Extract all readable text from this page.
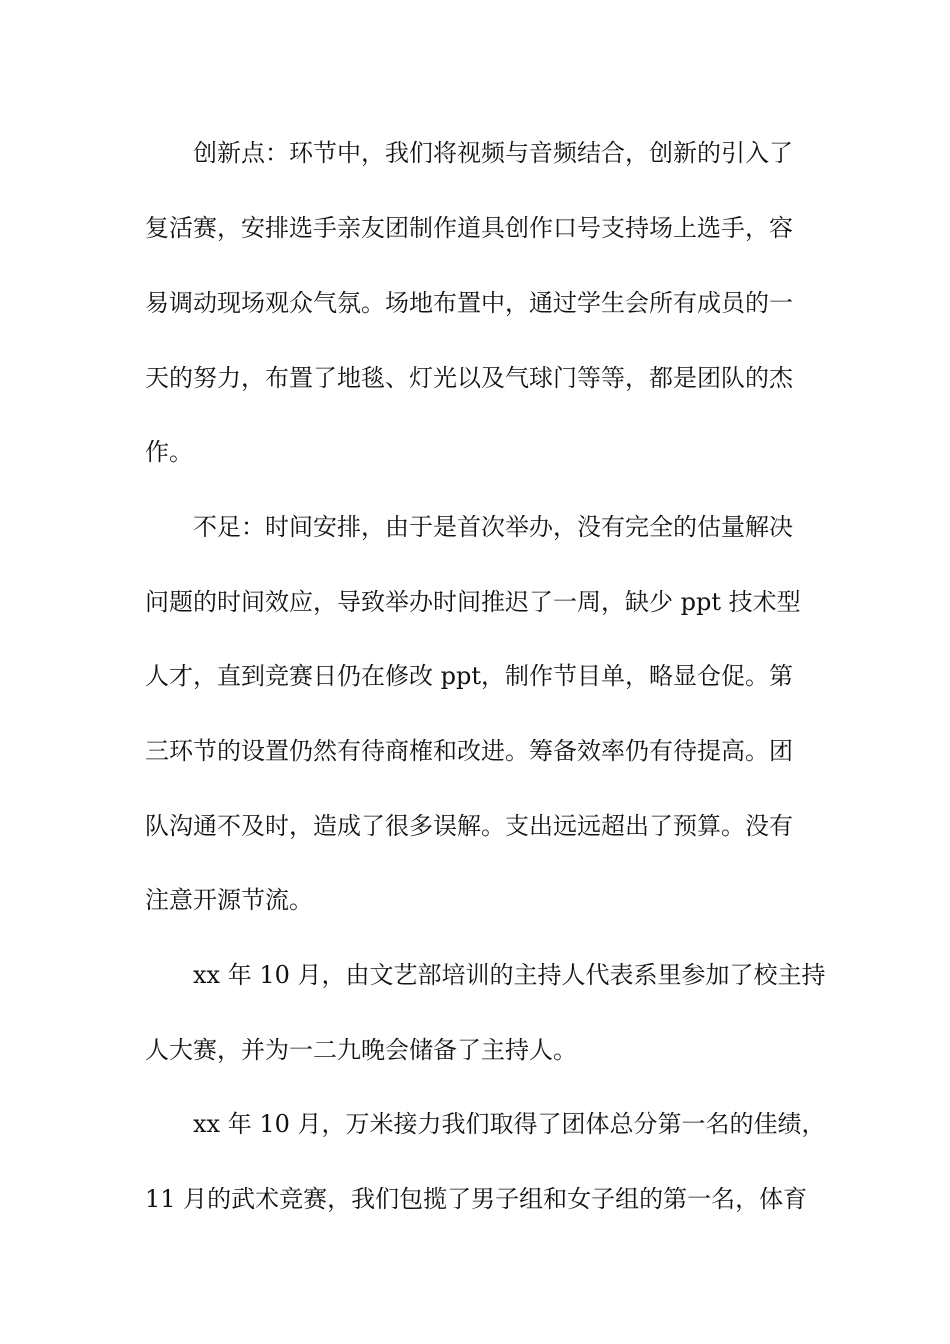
创新点：环节中，我们将视频与音频结合，创新的引入了
复活赛，安排选手亲友团制作道具创作口号支持场上选手，容
易调动现场观众气氛。场地布置中，通过学生会所有成员的一
天的努力，布置了地毯、灯光以及气球门等等，都是团队的杰
作。
不足：时间安排，由于是首次举办，没有完全的估量解决
问题的时间效应，导致举办时间推迟了一周，缺少 ppt 技术型
人才，直到竞赛日仍在修改 ppt，制作节目单，略显仓促。第
三环节的设置仍然有待商榷和改进。筹备效率仍有待提高。团
队沟通不及时，造成了很多误解。支出远远超出了预算。没有
注意开源节流。
xx 年 10 月，由文艺部培训的主持人代表系里参加了校主持
人大赛，并为一二九晚会储备了主持人。
xx 年 10 月，万米接力我们取得了团体总分第一名的佳绩，
11 月的武术竞赛，我们包揽了男子组和女子组的第一名，体育
